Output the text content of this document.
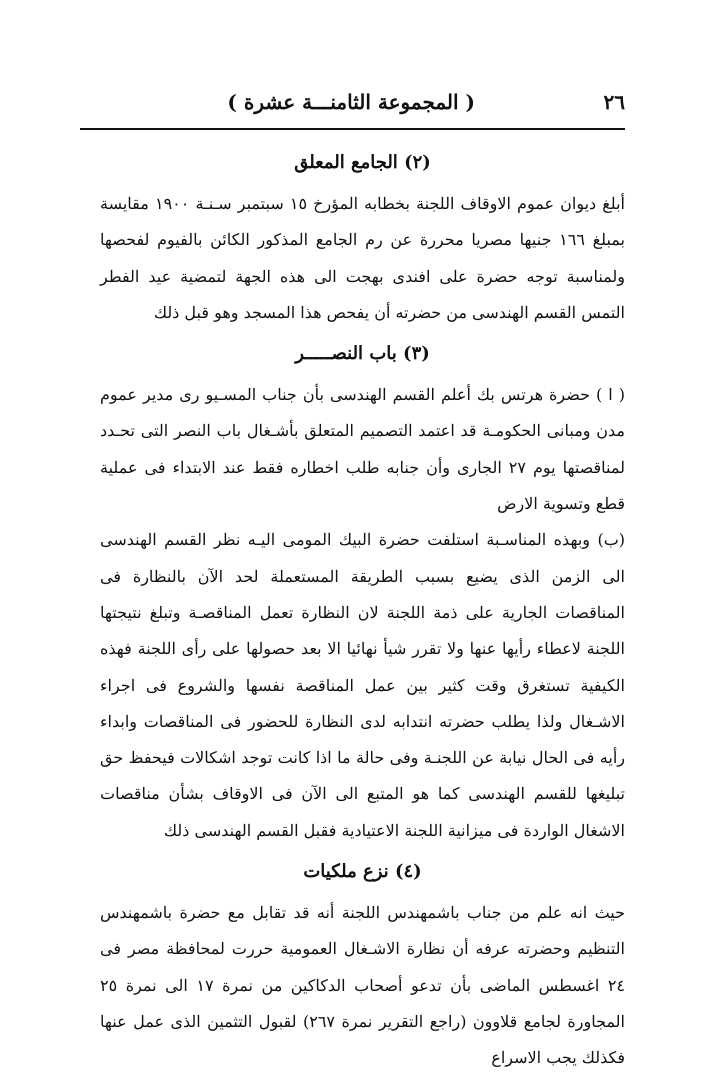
٢٦
( المجموعة الثامنـــة عشرة )
(٢) الجامع المعلق

أبلغ ديوان عموم الاوقاف اللجنة بخطابه المؤرخ ١٥ سبتمبر سـنـة ١٩٠٠ مقايسة بمبلغ ١٦٦ جنيها مصريا محررة عن رم الجامع المذكور الكائن بالفيوم لفحصها ولمناسبة توجه حضرة على افندى بهجت الى هذه الجهة لتمضية عيد الفطر التمس القسم الهندسى من حضرته أن يفحص هذا المسجد وهو قبل ذلك

(٣) باب النصـــــر

( ا ) حضرة هرتس بك أعلم القسم الهندسى بأن جناب المسـيو رى مدير عموم مدن ومبانى الحكومـة قد اعتمد التصميم المتعلق بأشـغال باب النصر التى تحـدد لمناقصتها يوم ٢٧ الجارى وأن جنابه طلب اخطاره فقط عند الابتداء فى عملية قطع وتسوية الارض

(ب) وبهذه المناسـبة استلفت حضرة البيك المومى اليـه نظر القسم الهندسى الى الزمن الذى يضيع بسبب الطريقة المستعملة لحد الآن بالنظارة فى المناقصات الجارية على ذمة اللجنة لان النظارة تعمل المناقصـة وتبلغ نتيجتها اللجنة لاعطاء رأيها عنها ولا تقرر شيأ نهائيا الا بعد حصولها على رأى اللجنة فهذه الكيفية تستغرق وقت كثير بين عمل المناقصة نفسها والشروع فى اجراء الاشـغال ولذا يطلب حضرته انتدابه لدى النظارة للحضور فى المناقصات وابداء رأيه فى الحال نيابة عن اللجنـة وفى حالة ما اذا كانت توجد اشكالات فيحفظ حق تبليغها للقسم الهندسى كما هو المتبع الى الآن فى الاوقاف بشأن مناقصات الاشغال الواردة فى ميزانية اللجنة الاعتيادية فقبل القسم الهندسى ذلك

(٤) نزع ملكيات

حيث انه علم من جناب باشمهندس اللجنة أنه قد تقابل مع حضرة باشمهندس التنظيم وحضرته عرفه أن نظارة الاشـغال العمومية حررت لمحافظة مصر فى ٢٤ اغسطس الماضى بأن تدعو أصحاب الدكاكين من نمرة ١٧ الى نمرة ٢٥ المجاورة لجامع قلاوون (راجع التقرير نمرة ٢٦٧) لقبول التثمين الذى عمل عنها فكذلك يجب الاسراع
